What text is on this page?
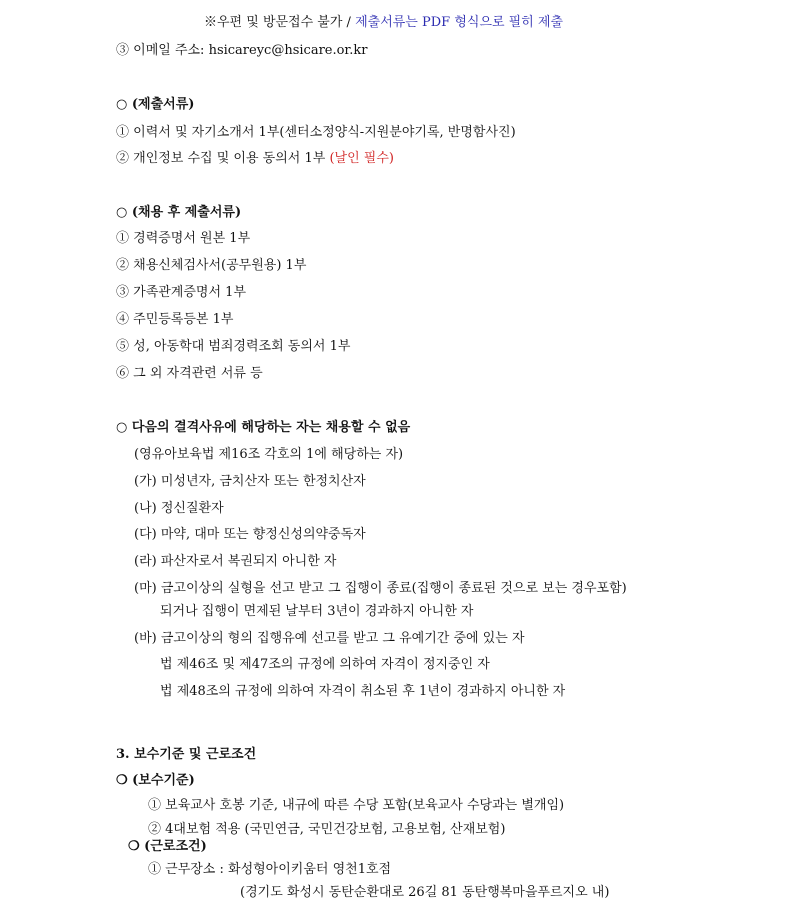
※우편 및 방문접수 불가 / 제출서류는 PDF 형식으로 필히 제출
③ 이메일 주소: hsicareyc@hsicare.or.kr
○ (제출서류)
① 이력서 및 자기소개서 1부(센터소정양식-지원분야기록, 반명함사진)
② 개인정보 수집 및 이용 동의서 1부 (날인 필수)
○ (채용 후 제출서류)
① 경력증명서 원본 1부
② 채용신체검사서(공무원용) 1부
③ 가족관계증명서 1부
④ 주민등록등본 1부
⑤ 성, 아동학대 범죄경력조회 동의서 1부
⑥ 그 외 자격관련 서류 등
○ 다음의 결격사유에 해당하는 자는 채용할 수 없음
(영유아보육법 제16조 각호의 1에 해당하는 자)
(가) 미성년자, 금치산자 또는 한정치산자
(나) 정신질환자
(다) 마약, 대마 또는 향정신성의약중독자
(라) 파산자로서 복권되지 아니한 자
(마) 금고이상의 실형을 선고 받고 그 집행이 종료(집행이 종료된 것으로 보는 경우포함)
되거나 집행이 면제된 날부터 3년이 경과하지 아니한 자
(바) 금고이상의 형의 집행유예 선고를 받고 그 유예기간 중에 있는 자
법 제46조 및 제47조의 규정에 의하여 자격이 정지중인 자
법 제48조의 규정에 의하여 자격이 취소된 후 1년이 경과하지 아니한 자
3. 보수기준 및 근로조건
❍ (보수기준)
① 보육교사 호봉 기준, 내규에 따른 수당 포함(보육교사 수당과는 별개임)
② 4대보험 적용 (국민연금, 국민건강보험, 고용보험, 산재보험)
❍ (근로조건)
① 근무장소 : 화성형아이키움터 영천1호점
(경기도 화성시 동탄순환대로 26길 81 동탄행복마을푸르지오 내)
